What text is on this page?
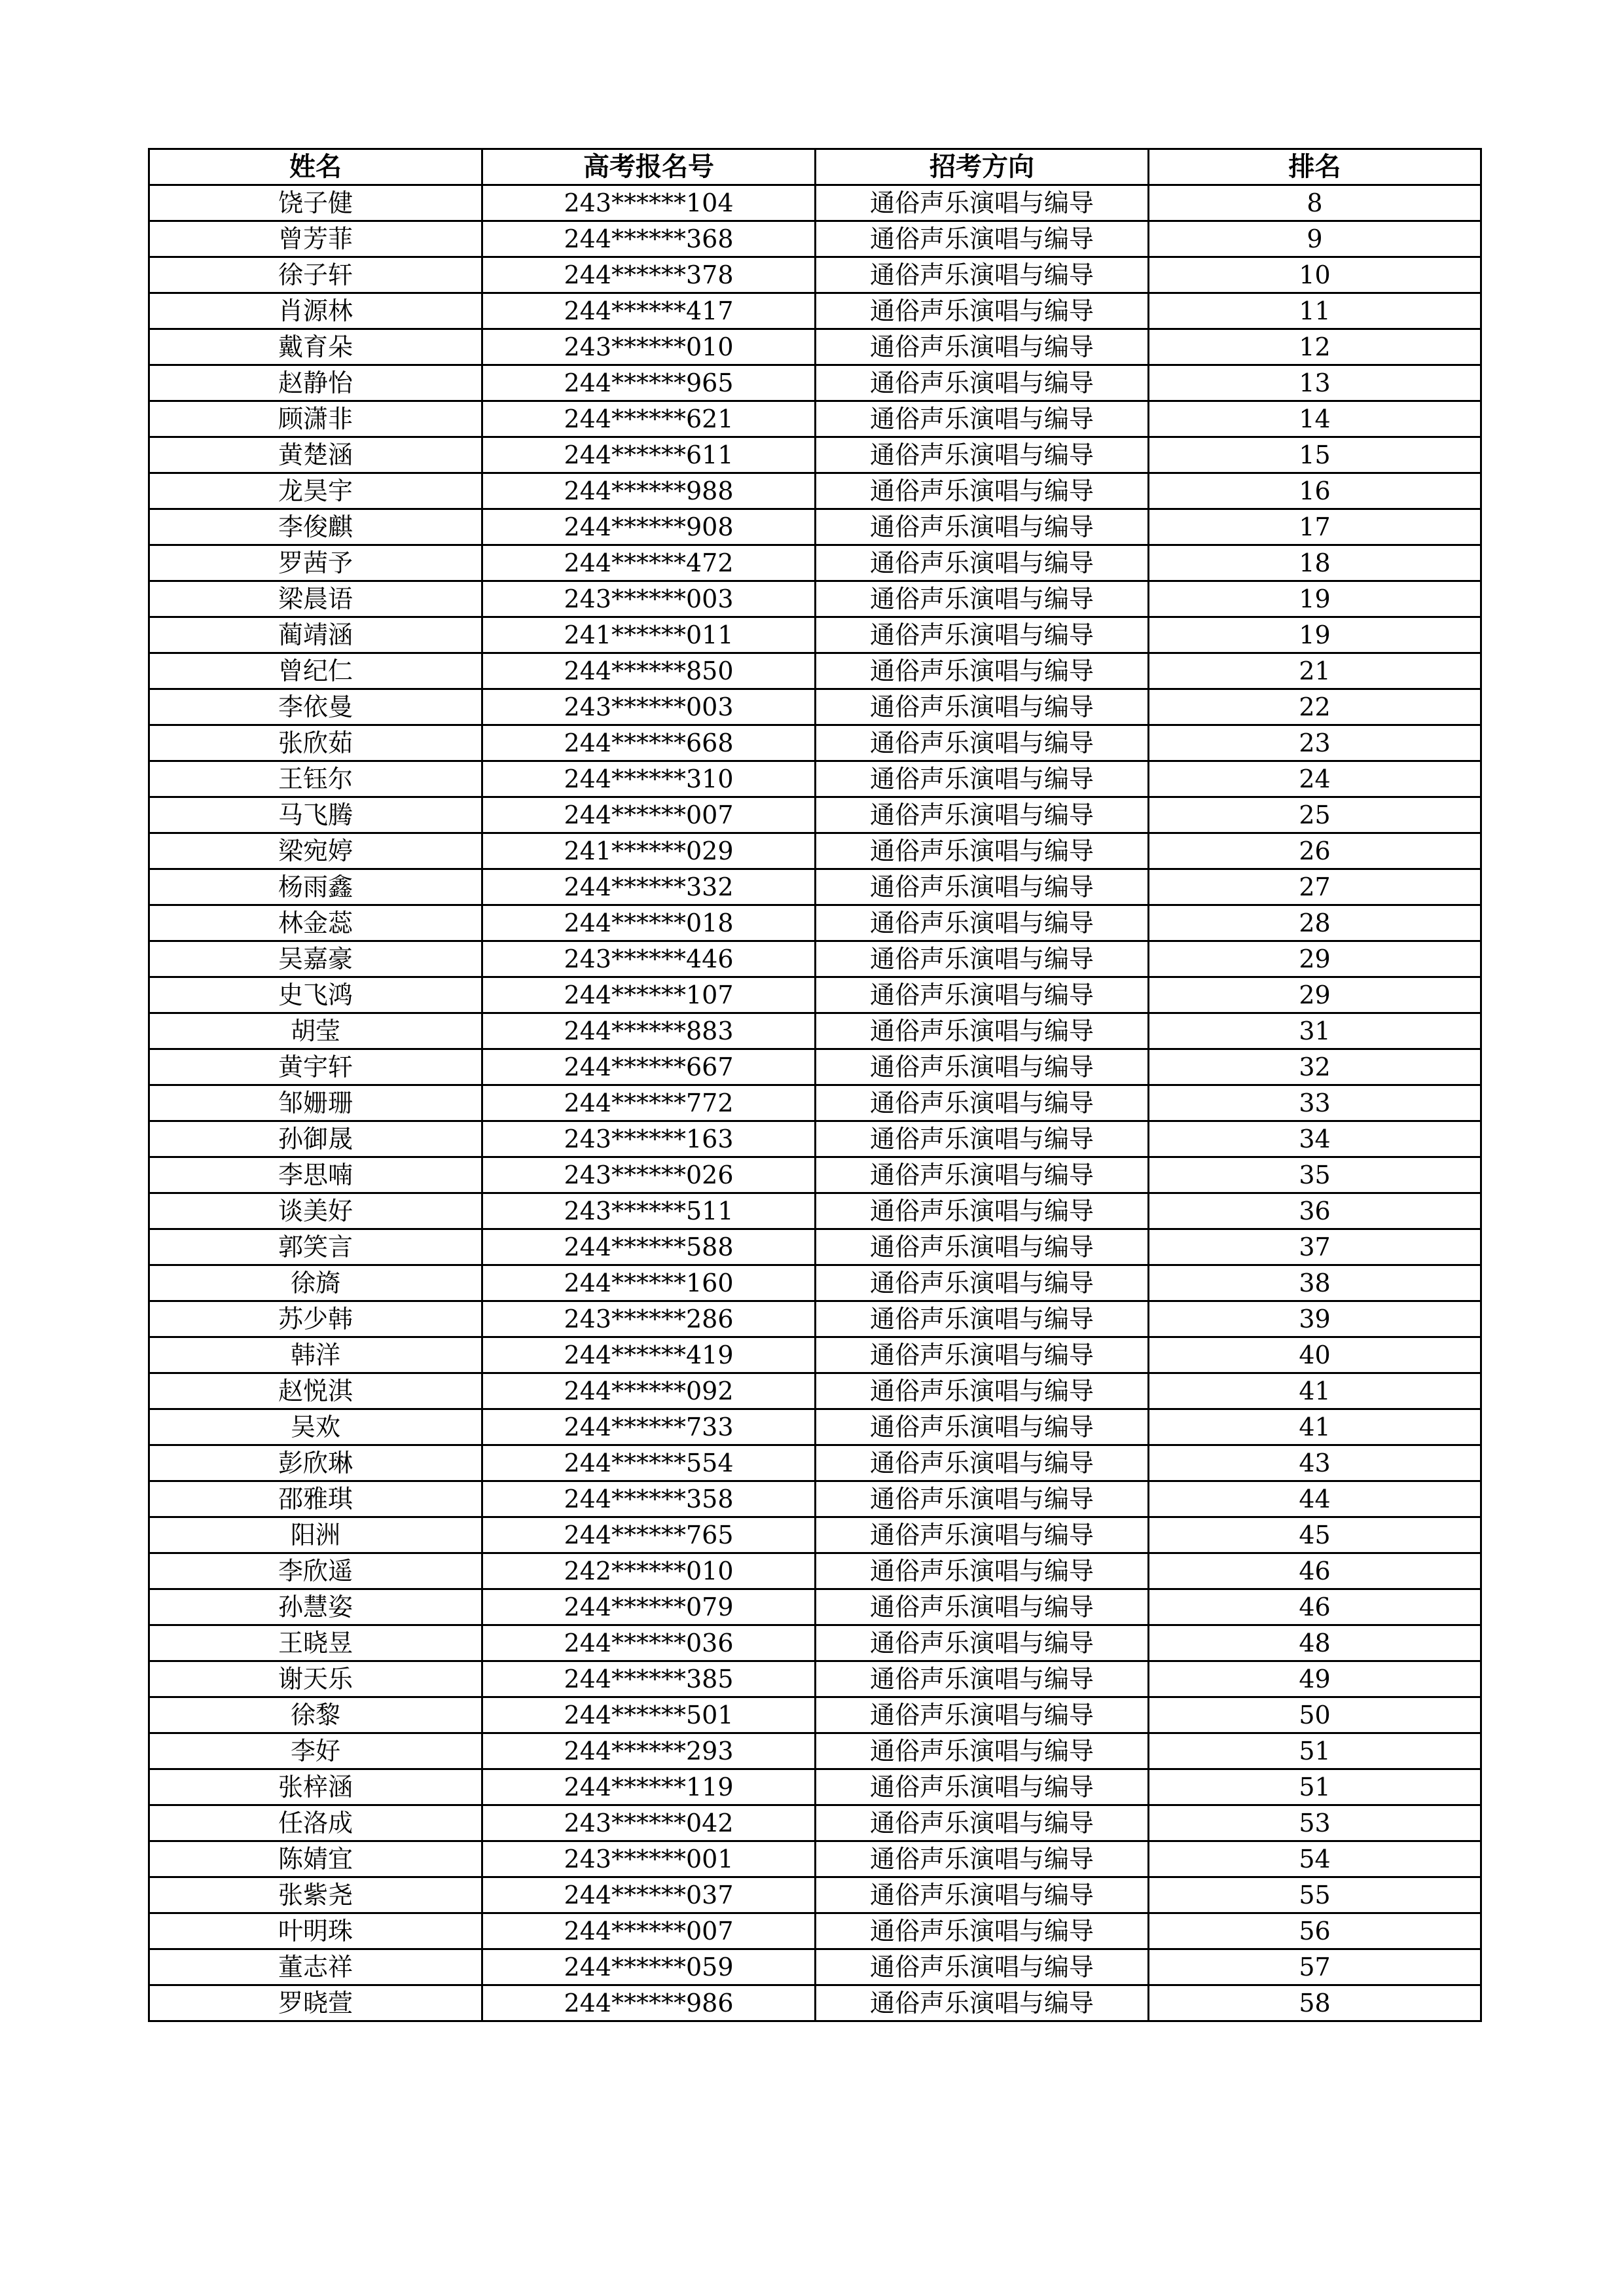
姓名	高考报名号	招考方向	排名
饶子健	243******104	通俗声乐演唱与编导	8
曾芳菲	244******368	通俗声乐演唱与编导	9
徐子轩	244******378	通俗声乐演唱与编导	10
肖源林	244******417	通俗声乐演唱与编导	11
戴育朵	243******010	通俗声乐演唱与编导	12
赵静怡	244******965	通俗声乐演唱与编导	13
顾潇非	244******621	通俗声乐演唱与编导	14
黄楚涵	244******611	通俗声乐演唱与编导	15
龙昊宇	244******988	通俗声乐演唱与编导	16
李俊麒	244******908	通俗声乐演唱与编导	17
罗茜予	244******472	通俗声乐演唱与编导	18
梁晨语	243******003	通俗声乐演唱与编导	19
蔺靖涵	241******011	通俗声乐演唱与编导	19
曾纪仁	244******850	通俗声乐演唱与编导	21
李依曼	243******003	通俗声乐演唱与编导	22
张欣茹	244******668	通俗声乐演唱与编导	23
王钰尔	244******310	通俗声乐演唱与编导	24
马飞腾	244******007	通俗声乐演唱与编导	25
梁宛婷	241******029	通俗声乐演唱与编导	26
杨雨鑫	244******332	通俗声乐演唱与编导	27
林金蕊	244******018	通俗声乐演唱与编导	28
吴嘉豪	243******446	通俗声乐演唱与编导	29
史飞鸿	244******107	通俗声乐演唱与编导	29
胡莹	244******883	通俗声乐演唱与编导	31
黄宇轩	244******667	通俗声乐演唱与编导	32
邹姗珊	244******772	通俗声乐演唱与编导	33
孙御晟	243******163	通俗声乐演唱与编导	34
李思喃	243******026	通俗声乐演唱与编导	35
谈美好	243******511	通俗声乐演唱与编导	36
郭笑言	244******588	通俗声乐演唱与编导	37
徐旖	244******160	通俗声乐演唱与编导	38
苏少韩	243******286	通俗声乐演唱与编导	39
韩洋	244******419	通俗声乐演唱与编导	40
赵悦淇	244******092	通俗声乐演唱与编导	41
吴欢	244******733	通俗声乐演唱与编导	41
彭欣琳	244******554	通俗声乐演唱与编导	43
邵雅琪	244******358	通俗声乐演唱与编导	44
阳洲	244******765	通俗声乐演唱与编导	45
李欣遥	242******010	通俗声乐演唱与编导	46
孙慧姿	244******079	通俗声乐演唱与编导	46
王晓昱	244******036	通俗声乐演唱与编导	48
谢天乐	244******385	通俗声乐演唱与编导	49
徐黎	244******501	通俗声乐演唱与编导	50
李好	244******293	通俗声乐演唱与编导	51
张梓涵	244******119	通俗声乐演唱与编导	51
任洛成	243******042	通俗声乐演唱与编导	53
陈婧宜	243******001	通俗声乐演唱与编导	54
张紫尧	244******037	通俗声乐演唱与编导	55
叶明珠	244******007	通俗声乐演唱与编导	56
董志祥	244******059	通俗声乐演唱与编导	57
罗晓萱	244******986	通俗声乐演唱与编导	58
